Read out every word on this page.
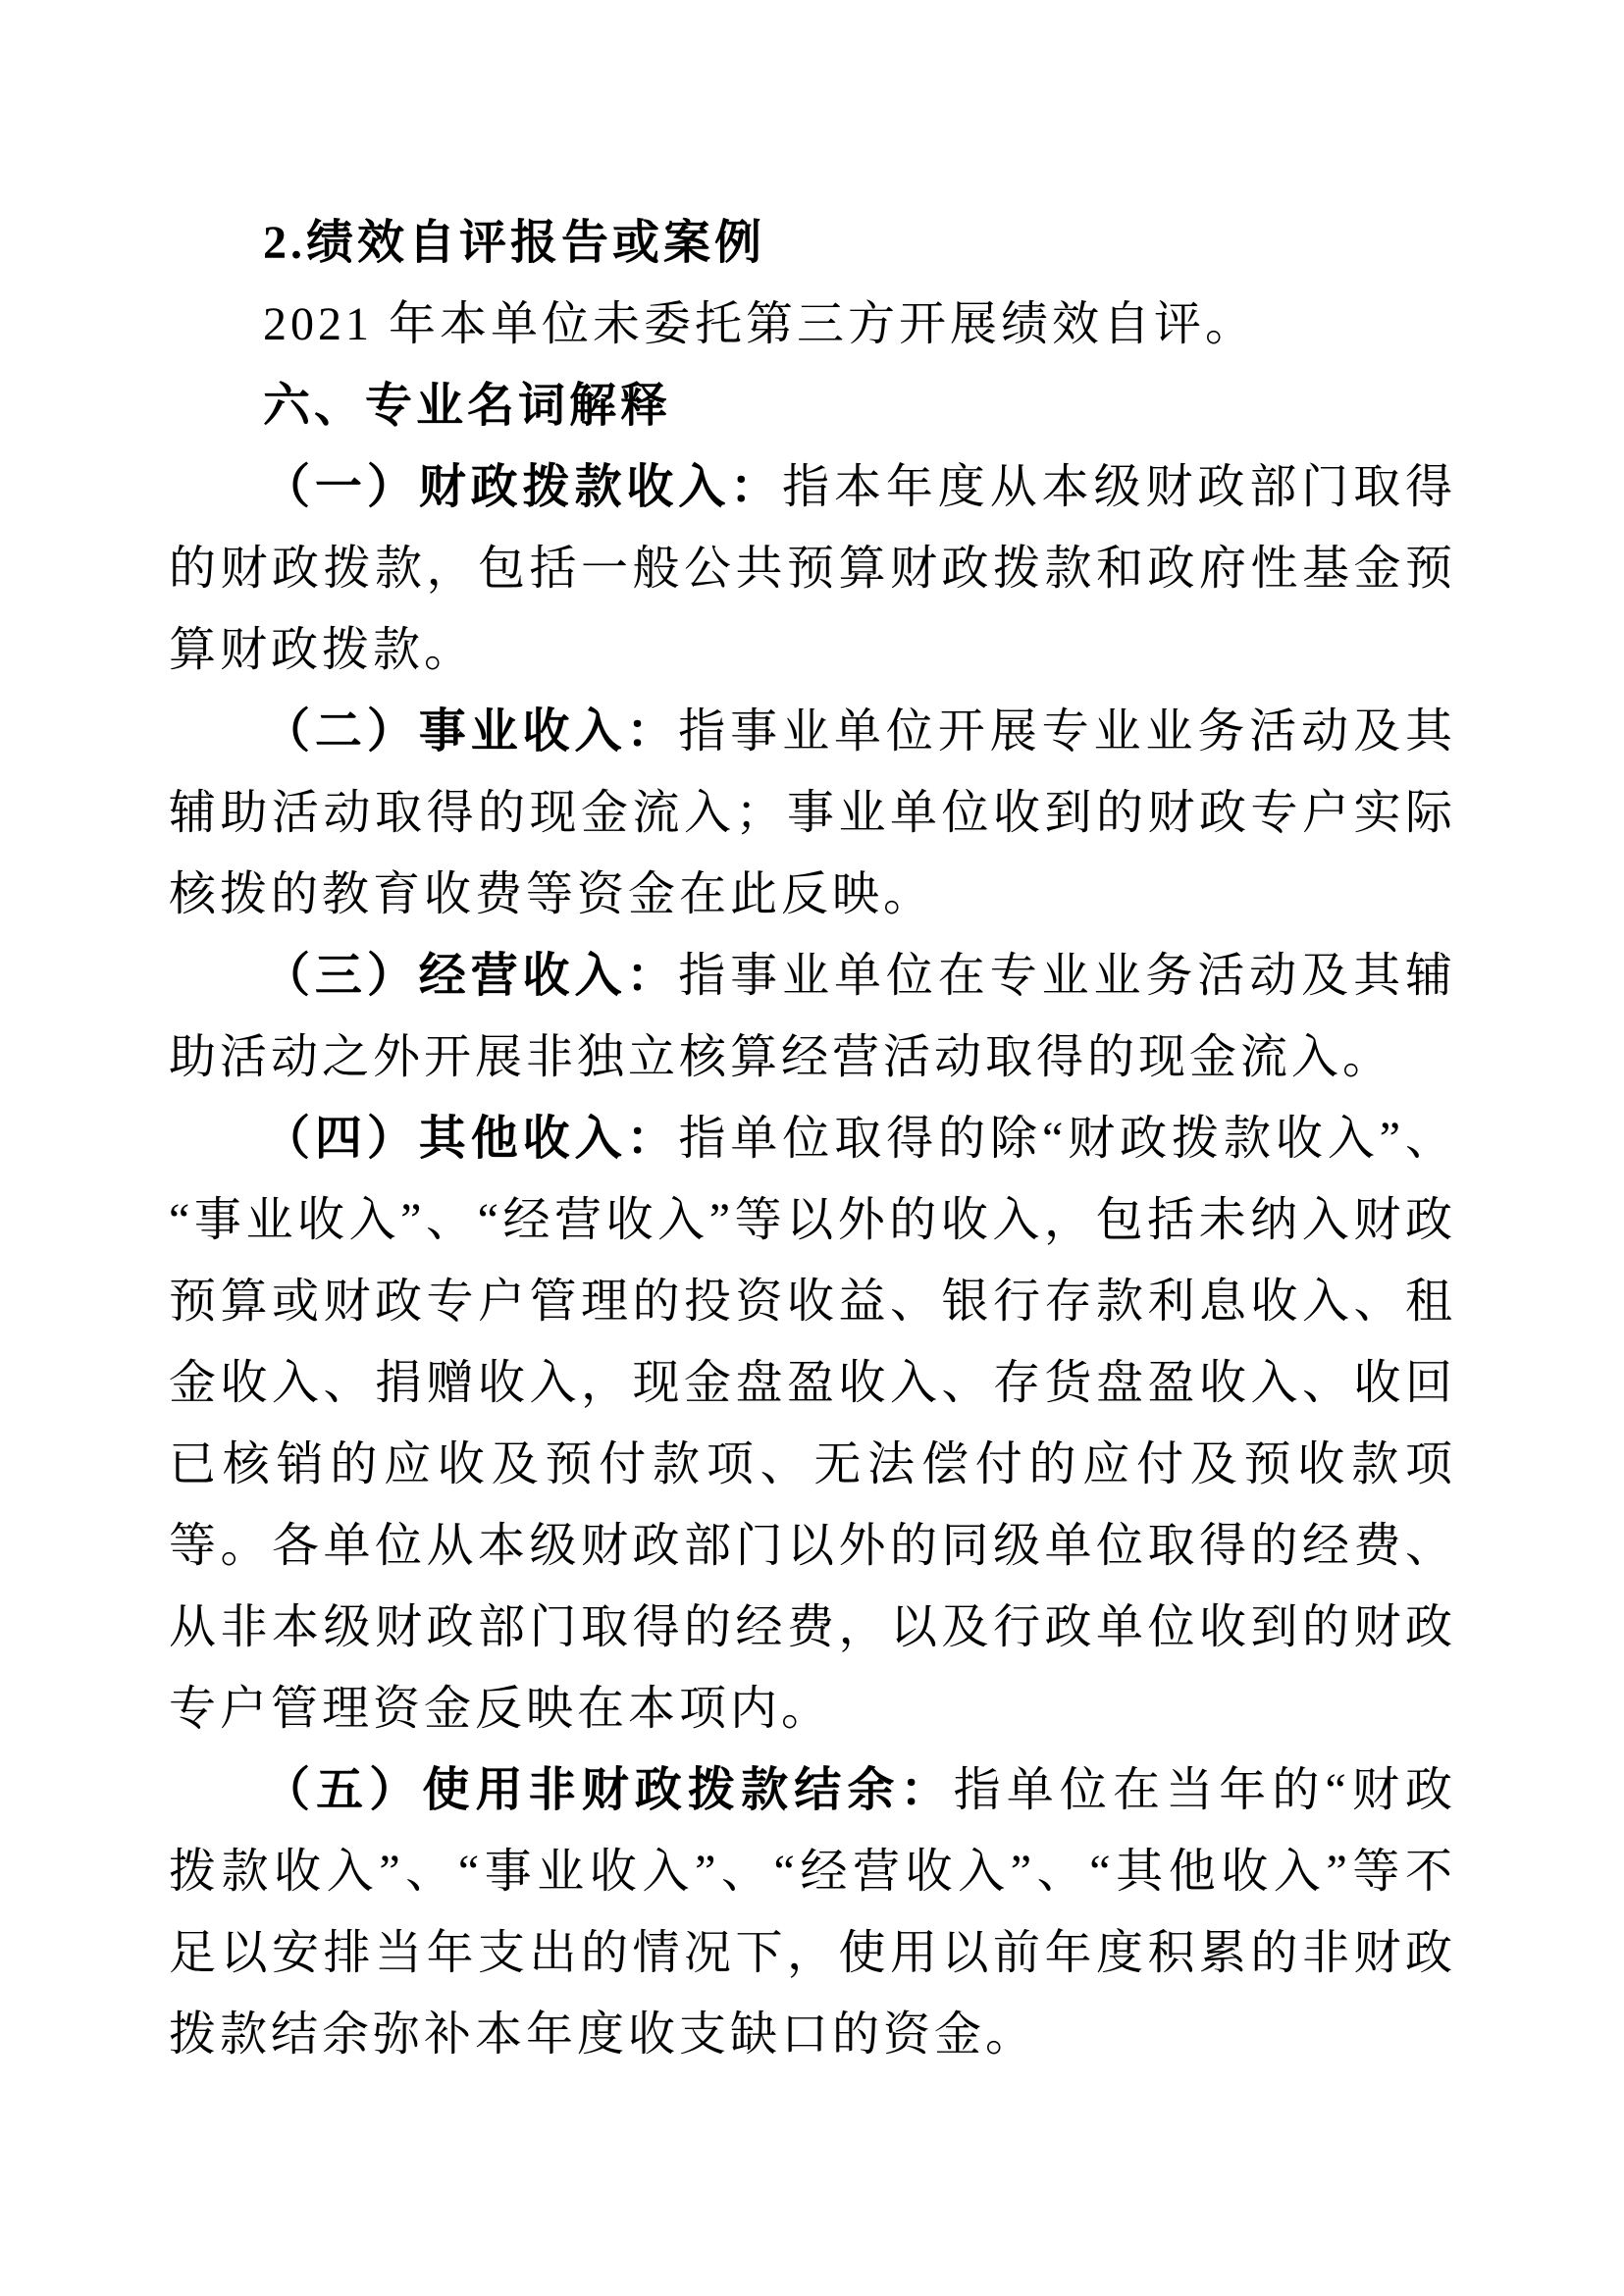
2.绩效自评报告或案例

2021 年本单位未委托第三方开展绩效自评。

六、专业名词解释

（一）财政拨款收入：指本年度从本级财政部门取得的财政拨款，包括一般公共预算财政拨款和政府性基金预算财政拨款。

（二）事业收入：指事业单位开展专业业务活动及其辅助活动取得的现金流入；事业单位收到的财政专户实际核拨的教育收费等资金在此反映。

（三）经营收入：指事业单位在专业业务活动及其辅助活动之外开展非独立核算经营活动取得的现金流入。

（四）其他收入：指单位取得的除“财政拨款收入”、“事业收入”、“经营收入”等以外的收入，包括未纳入财政预算或财政专户管理的投资收益、银行存款利息收入、租金收入、捐赠收入，现金盘盈收入、存货盘盈收入、收回已核销的应收及预付款项、无法偿付的应付及预收款项等。各单位从本级财政部门以外的同级单位取得的经费、从非本级财政部门取得的经费，以及行政单位收到的财政专户管理资金反映在本项内。

（五）使用非财政拨款结余：指单位在当年的“财政拨款收入”、“事业收入”、“经营收入”、“其他收入”等不足以安排当年支出的情况下，使用以前年度积累的非财政拨款结余弥补本年度收支缺口的资金。
